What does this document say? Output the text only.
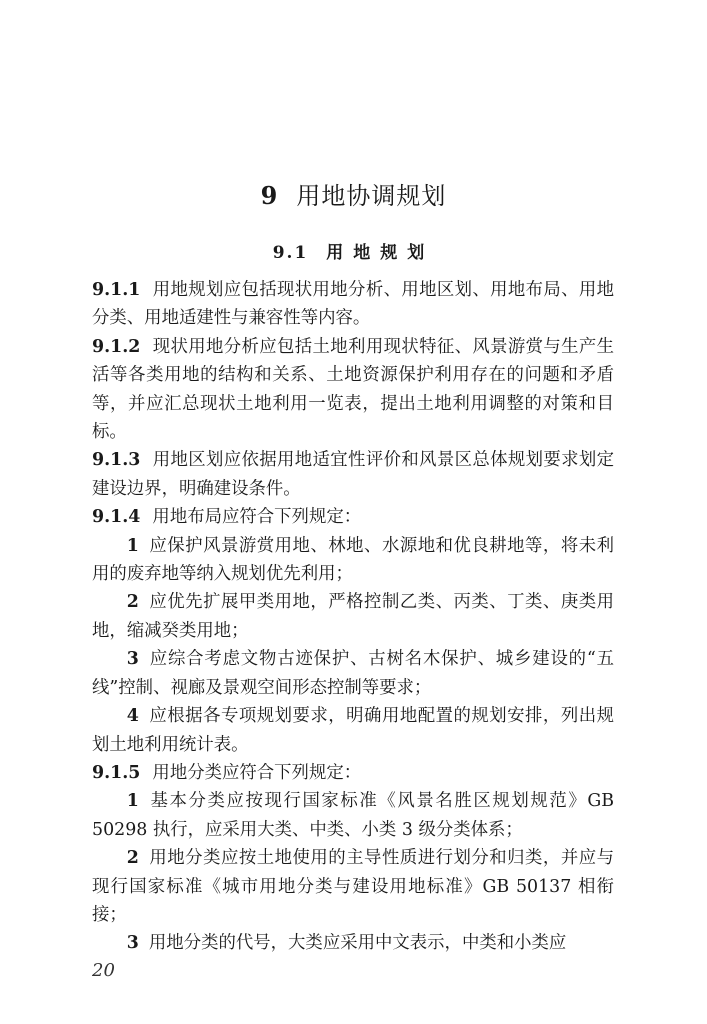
9 用地协调规划
9.1 用地规划

9.1.1 用地规划应包括现状用地分析、用地区划、用地布局、用地分类、用地适建性与兼容性等内容。

9.1.2 现状用地分析应包括土地利用现状特征、风景游赏与生产生活等各类用地的结构和关系、土地资源保护利用存在的问题和矛盾等，并应汇总现状土地利用一览表，提出土地利用调整的对策和目标。

9.1.3 用地区划应依据用地适宜性评价和风景区总体规划要求划定建设边界，明确建设条件。

9.1.4 用地布局应符合下列规定：

1 应保护风景游赏用地、林地、水源地和优良耕地等，将未利用的废弃地等纳入规划优先利用；

2 应优先扩展甲类用地，严格控制乙类、丙类、丁类、庚类用地，缩减癸类用地；

3 应综合考虑文物古迹保护、古树名木保护、城乡建设的“五线”控制、视廊及景观空间形态控制等要求；

4 应根据各专项规划要求，明确用地配置的规划安排，列出规划土地利用统计表。

9.1.5 用地分类应符合下列规定：

1 基本分类应按现行国家标准《风景名胜区规划规范》GB 50298 执行，应采用大类、中类、小类 3 级分类体系；

2 用地分类应按土地使用的主导性质进行划分和归类，并应与现行国家标准《城市用地分类与建设用地标准》GB 50137 相衔接；

3 用地分类的代号，大类应采用中文表示，中类和小类应

20
